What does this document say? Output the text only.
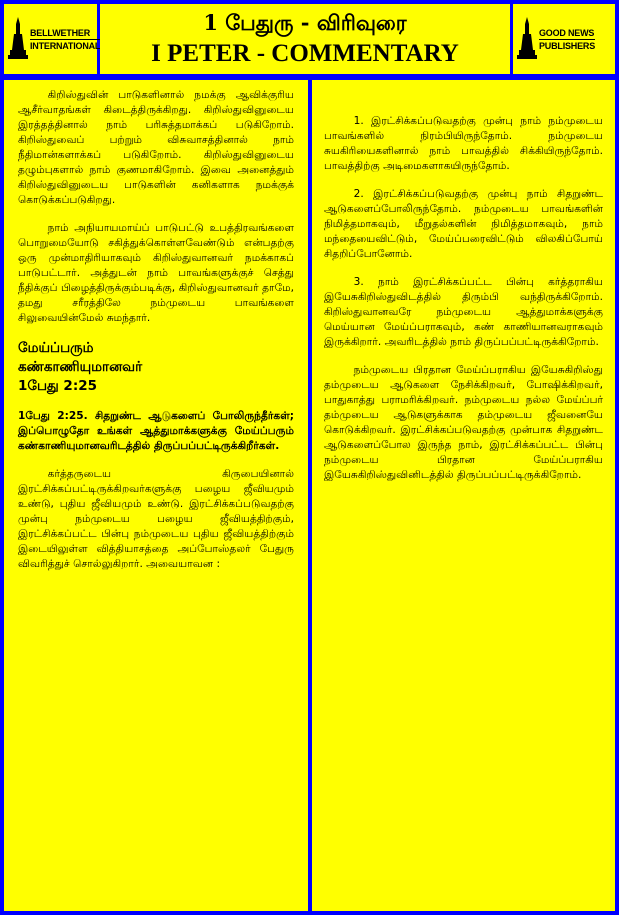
BELLWETHER
INTERNATIONAL
1 பேதுரு - விரிவுரை
I PETER - COMMENTARY
GOOD NEWS
PUBLISHERS

கிறிஸ்துவின் பாடுகளினால் நமக்கு ஆவிக்குரிய ஆசீர்வாதங்கள் கிடைத்திருக்கிறது. கிறிஸ்துவினுடைய இரத்தத்தினால் நாம் பரிசுத்தமாக்கப் படுகிறோம். கிறிஸ்துவைப் பற்றும் விசுவாசத்தினால் நாம் நீதிமான்களாக்கப் படுகிறோம். கிறிஸ்துவினுடைய தழும்புகளால் நாம் குணமாகிறோம். இவை அனைத்தும் கிறிஸ்துவினுடைய பாடுகளின் கனிகளாக நமக்குக் கொடுக்கப்படுகிறது.

நாம் அநியாயமாய்ப் பாடுபட்டு உபத்திரவங்களை பொறுமையோடு சகித்துக்கொள்ளவேண்டும் என்பதற்கு ஒரு முன்மாதிரியாகவும் கிறிஸ்துவானவர் நமக்காகப் பாடுபட்டார். அத்துடன் நாம் பாவங்களுக்குச் செத்து நீதிக்குப் பிழைத்திருக்கும்படிக்கு, கிறிஸ்துவானவர் தாமே, தமது சரீரத்திலே நம்முடைய பாவங்களை சிலுவையின்மேல் சுமந்தார்.

மேய்ப்பரும்
கண்காணியுமானவர்
1பேது 2:25

1பேது 2:25. சிதறுண்ட ஆடுகளைப் போலிருந்தீர்கள்; இப்பொழுதோ உங்கள் ஆத்துமாக்களுக்கு மேய்ப்பரும் கண்காணியுமானவரிடத்தில் திருப்பப்பட்டிருக்கிறீர்கள்.

கர்த்தருடைய கிருபையினால் இரட்சிக்கப்பட்டிருக்கிறவர்களுக்கு பழைய ஜீவியமும் உண்டு, புதிய ஜீவியமும் உண்டு. இரட்சிக்கப்படுவதற்கு முன்பு நம்முடைய பழைய ஜீவியத்திற்கும், இரட்சிக்கப்பட்ட பின்பு நம்முடைய புதிய ஜீவியத்திற்கும் இடையிலுள்ள வித்தியாசத்தை அப்போஸ்தலர் பேதுரு விவரித்துச் சொல்லுகிறார். அவையாவன :

1. இரட்சிக்கப்படுவதற்கு முன்பு நாம் நம்முடைய பாவங்களில் நிரம்பியிருந்தோம். நம்முடைய சுயகிரியைகளினால் நாம் பாவத்தில் சிக்கியிருந்தோம். பாவத்திற்கு அடிமைகளாகயிருந்தோம்.

2. இரட்சிக்கப்படுவதற்கு முன்பு நாம் சிதறுண்ட ஆடுகளைப்போலிருந்தோம். நம்முடைய பாவங்களின் நிமித்தமாகவும், மீறுதல்களின் நிமித்தமாகவும், நாம் மந்தையைவிட்டும், மேய்ப்பரைவிட்டும் விலகிப்போய் சிதறிப்போனோம்.

3. நாம் இரட்சிக்கப்பட்ட பின்பு கர்த்தராகிய இயேசுகிறிஸ்துவிடத்தில் திரும்பி வந்திருக்கிறோம். கிறிஸ்துவானவரே நம்முடைய ஆத்துமாக்களுக்கு மெய்யான மேய்ப்பராகவும், கண் காணியானவராகவும் இருக்கிறார். அவரிடத்தில் நாம் திருப்பப்பட்டிருக்கிறோம்.

நம்முடைய பிரதான மேய்ப்பராகிய இயேசுகிறிஸ்து தம்முடைய ஆடுகளை நேசிக்கிறவர், போஷிக்கிறவர், பாதுகாத்து பராமரிக்கிறவர். நம்முடைய நல்ல மேய்ப்பர் தம்முடைய ஆடுகளுக்காக தம்முடைய ஜீவனையே கொடுக்கிறவர். இரட்சிக்கப்படுவதற்கு முன்பாக சிதறுண்ட ஆடுகளைப்போல இருந்த நாம், இரட்சிக்கப்பட்ட பின்பு நம்முடைய பிரதான மேய்ப்பராகிய இயேசுகிறிஸ்துவினிடத்தில் திருப்பப்பட்டிருக்கிறோம்.
